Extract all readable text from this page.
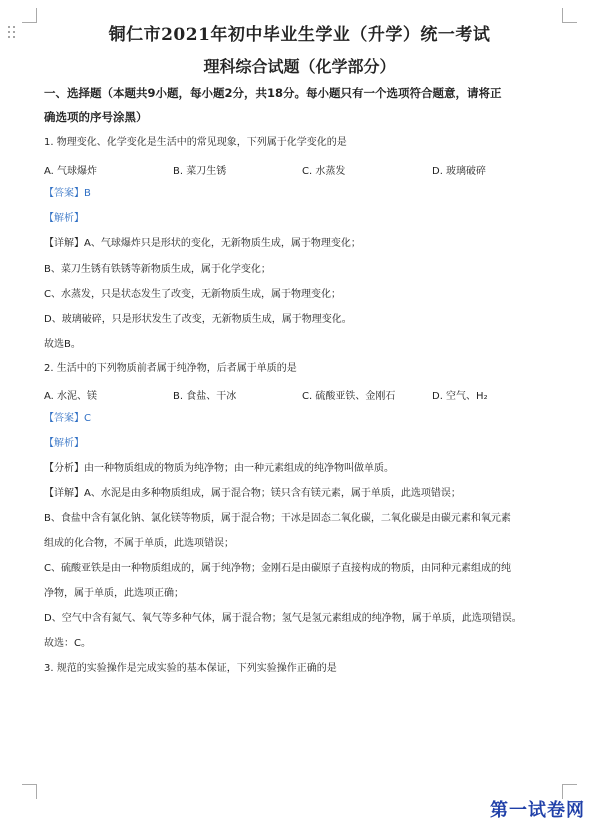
铜仁市2021年初中毕业生学业（升学）统一考试
理科综合试题（化学部分）
一、选择题（本题共9小题，每小题2分，共18分。每小题只有一个选项符合题意，请将正
确选项的序号涂黑）
1. 物理变化、化学变化是生活中的常见现象，下列属于化学变化的是
A. 气球爆炸	B. 菜刀生锈	C. 水蒸发	D. 玻璃破碎
【答案】B
【解析】
【详解】A、气球爆炸只是形状的变化，无新物质生成，属于物理变化；
B、菜刀生锈有铁锈等新物质生成，属于化学变化；
C、水蒸发，只是状态发生了改变，无新物质生成，属于物理变化；
D、玻璃破碎，只是形状发生了改变，无新物质生成，属于物理变化。
故选B。
2. 生活中的下列物质前者属于纯净物，后者属于单质的是
A. 水泥、镁	B. 食盐、干冰	C. 硫酸亚铁、金刚石	D. 空气、H₂
【答案】C
【解析】
【分析】由一种物质组成的物质为纯净物；由一种元素组成的纯净物叫做单质。
【详解】A、水泥是由多种物质组成，属于混合物；镁只含有镁元素，属于单质，此选项错误；
B、食盐中含有氯化钠、氯化镁等物质，属于混合物；干冰是固态二氧化碳，二氧化碳是由碳元素和氧元素
组成的化合物，不属于单质，此选项错误；
C、硫酸亚铁是由一种物质组成的，属于纯净物；金刚石是由碳原子直接构成的物质，由同种元素组成的纯
净物，属于单质，此选项正确；
D、空气中含有氮气、氧气等多种气体，属于混合物；氢气是氢元素组成的纯净物，属于单质，此选项错误。
故选：C。
3. 规范的实验操作是完成实验的基本保证，下列实验操作正确的是
第一试卷网
